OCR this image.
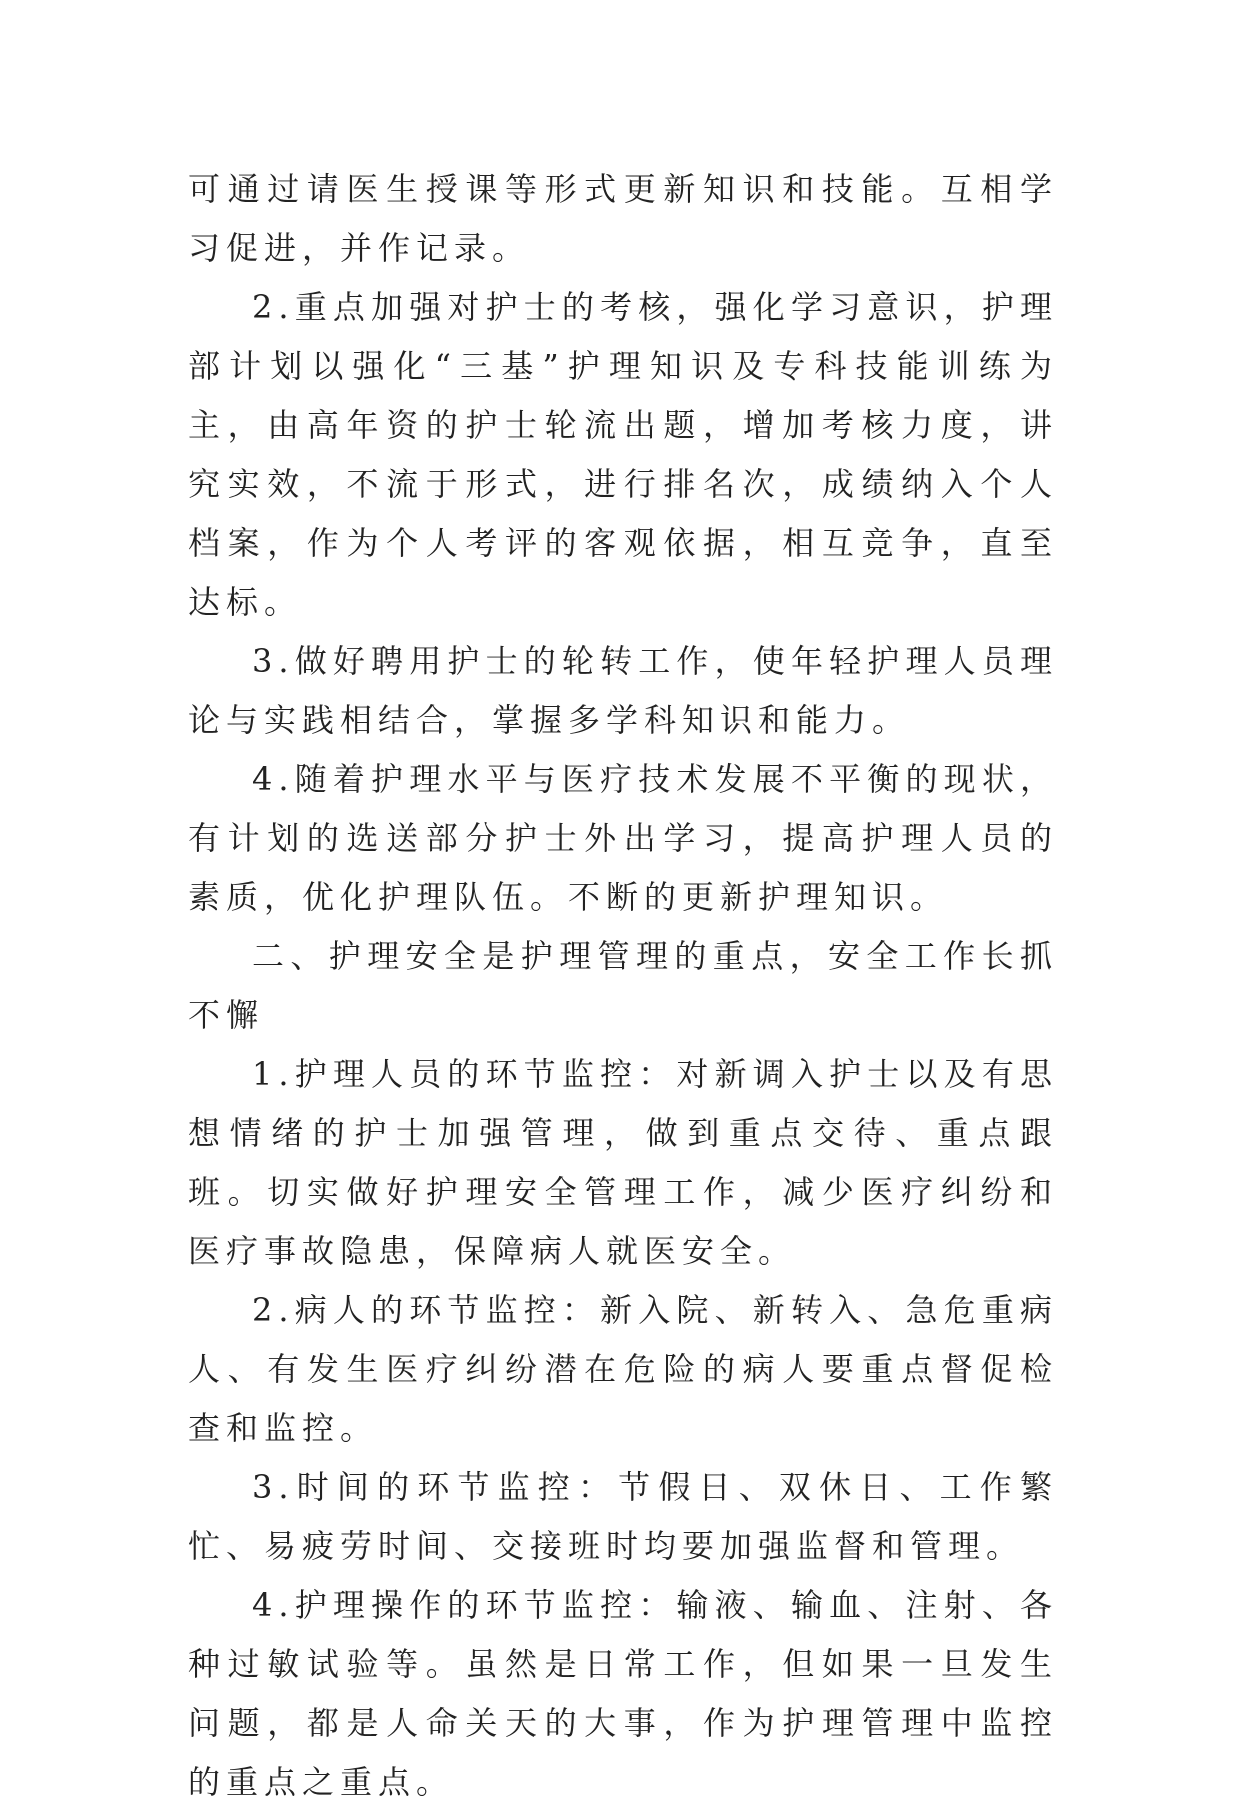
可通过请医生授课等形式更新知识和技能。互相学习促进，并作记录。

2.重点加强对护士的考核，强化学习意识，护理部计划以强化“三基”护理知识及专科技能训练为主，由高年资的护士轮流出题，增加考核力度，讲究实效，不流于形式，进行排名次，成绩纳入个人档案，作为个人考评的客观依据，相互竞争，直至达标。

3.做好聘用护士的轮转工作，使年轻护理人员理论与实践相结合，掌握多学科知识和能力。

4.随着护理水平与医疗技术发展不平衡的现状，有计划的选送部分护士外出学习，提高护理人员的素质，优化护理队伍。不断的更新护理知识。

二、护理安全是护理管理的重点，安全工作长抓不懈

1.护理人员的环节监控：对新调入护士以及有思想情绪的护士加强管理，做到重点交待、重点跟班。切实做好护理安全管理工作，减少医疗纠纷和医疗事故隐患，保障病人就医安全。

2.病人的环节监控：新入院、新转入、急危重病人、有发生医疗纠纷潜在危险的病人要重点督促检查和监控。

3.时间的环节监控：节假日、双休日、工作繁忙、易疲劳时间、交接班时均要加强监督和管理。

4.护理操作的环节监控：输液、输血、注射、各种过敏试验等。虽然是日常工作，但如果一旦发生问题，都是人命关天的大事，作为护理管理中监控的重点之重点。
